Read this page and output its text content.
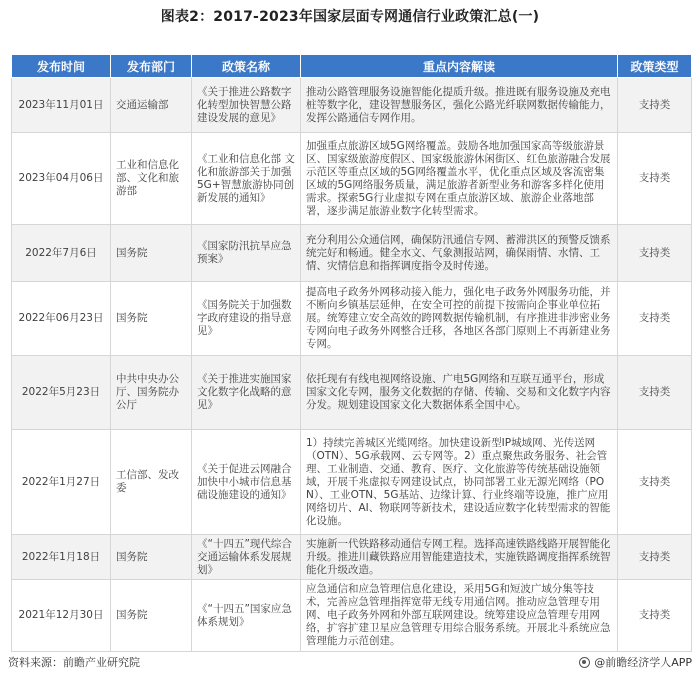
图表2：2017-2023年国家层面专网通信行业政策汇总(一)
发布时间	发布部门	政策名称	重点内容解读	政策类型
2023年11月01日	交通运输部	《关于推进公路数字化转型加快智慧公路建设发展的意见》	推动公路管理服务设施智能化提质升级。推进既有服务设施及充电桩等数字化，建设智慧服务区，强化公路光纤联网数据传输能力，发挥公路通信专网作用。	支持类
2023年04月06日	工业和信息化部、文化和旅游部	《工业和信息化部 文化和旅游部关于加强5G+智慧旅游协同创新发展的通知》	加强重点旅游区域5G网络覆盖。鼓励各地加强国家高等级旅游景区、国家级旅游度假区、国家级旅游休闲街区、红色旅游融合发展示范区等重点区域的5G网络覆盖水平，优化重点区域及客流密集区域的5G网络服务质量，满足旅游者新型业务和游客多样化使用需求。探索5G行业虚拟专网在重点旅游区域、旅游企业落地部署，逐步满足旅游业数字化转型需求。	支持类
2022年7月6日	国务院	《国家防汛抗旱应急预案》	充分利用公众通信网，确保防汛通信专网、蓄滞洪区的预警反馈系统完好和畅通。健全水文、气象测报站网，确保雨情、水情、工情、灾情信息和指挥调度指令及时传递。	支持类
2022年06月23日	国务院	《国务院关于加强数字政府建设的指导意见》	提高电子政务外网移动接入能力，强化电子政务外网服务功能，并不断向乡镇基层延伸，在安全可控的前提下按需向企事业单位拓展。统筹建立安全高效的跨网数据传输机制，有序推进非涉密业务专网向电子政务外网整合迁移，各地区各部门原则上不再新建业务专网。	支持类
2022年5月23日	中共中央办公厅、国务院办公厅	《关于推进实施国家文化数字化战略的意见》	依托现有有线电视网络设施、广电5G网络和互联互通平台，形成国家文化专网，服务文化数据的存储、传输、交易和文化数字内容分发。规划建设国家文化大数据体系全国中心。	支持类
2022年1月27日	工信部、发改委	《关于促进云网融合加快中小城市信息基础设施建设的通知》	1）持续完善城区光缆网络。加快建设新型IP城域网、光传送网（OTN）、5G承载网、云专网等。2）重点聚焦政务服务、社会管理、工业制造、交通、教育、医疗、文化旅游等传统基础设施领域，开展千兆虚拟专网建设试点，协同部署工业无源光网络（PON）、工业OTN、5G基站、边缘计算、行业终端等设施，推广应用网络切片、AI、物联网等新技术，建设适应数字化转型需求的智能化设施。	支持类
2022年1月18日	国务院	《“十四五”现代综合交通运输体系发展规划》	实施新一代铁路移动通信专网工程。选择高速铁路线路开展智能化升级。推进川藏铁路应用智能建造技术，实施铁路调度指挥系统智能化升级改造。	支持类
2021年12月30日	国务院	《“十四五”国家应急体系规划》	应急通信和应急管理信息化建设，采用5G和短波广域分集等技术，完善应急管理指挥宽带无线专用通信网。推动应急管理专用网、电子政务外网和外部互联网建设。统筹建设应急管理专用网络，扩容扩建卫星应急管理专用综合服务系统。开展北斗系统应急管理能力示范创建。	支持类
资料来源：前瞻产业研究院	@前瞻经济学人APP
